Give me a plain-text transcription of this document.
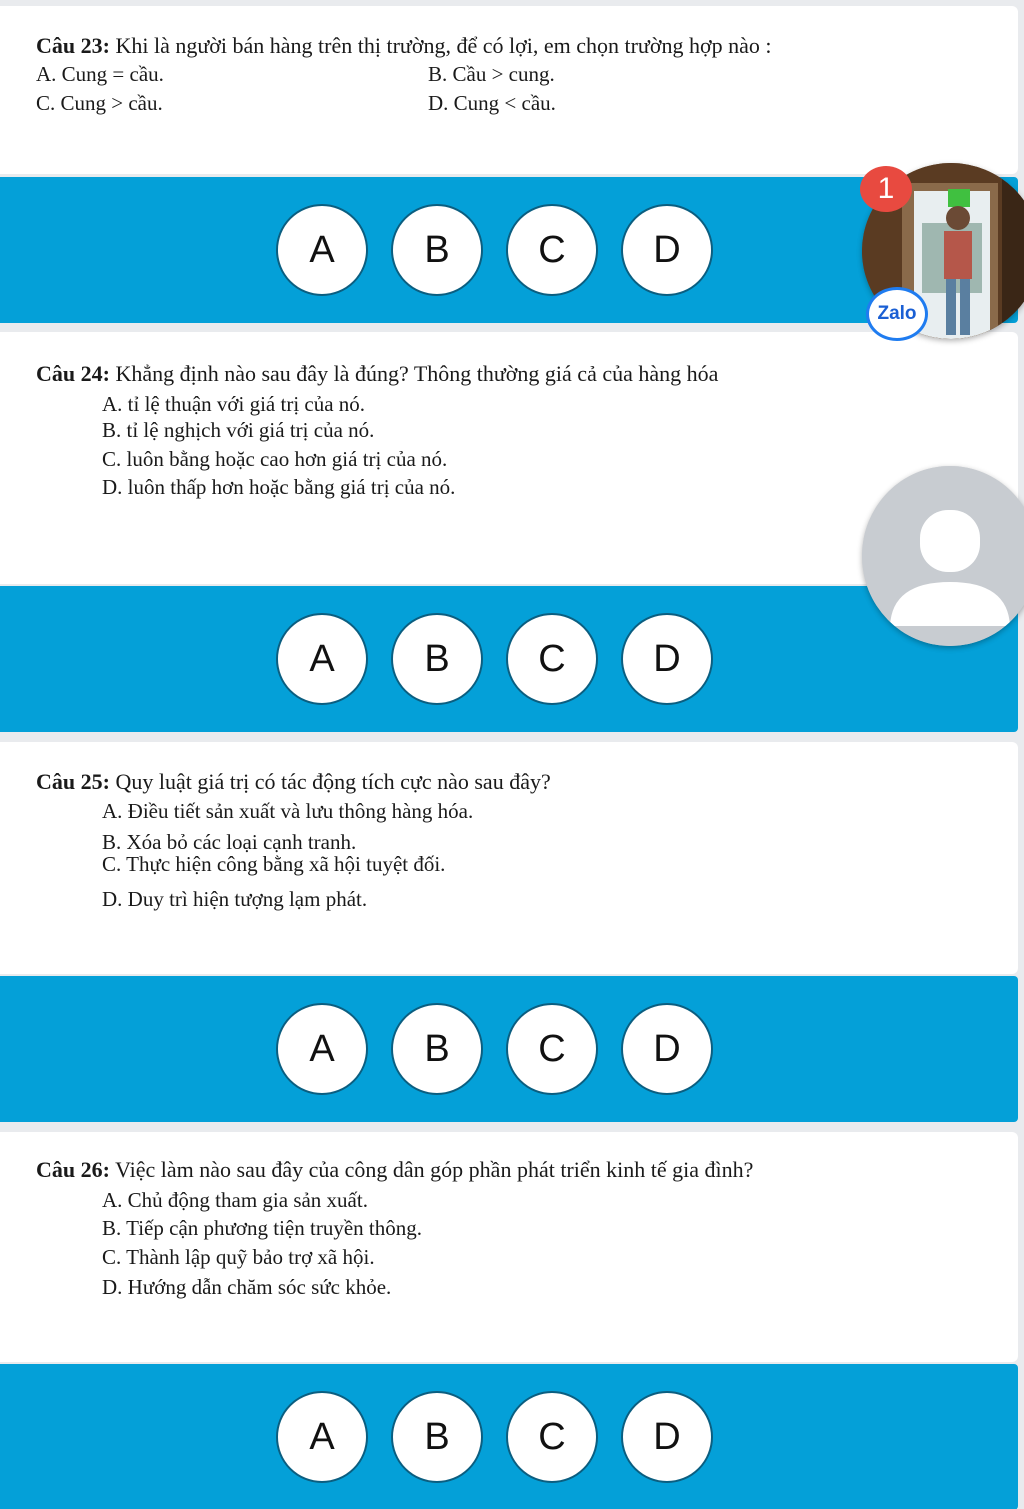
Câu 23: Khi là người bán hàng trên thị trường, để có lợi, em chọn trường hợp nào :
A. Cung = cầu.	B. Cầu > cung.
C. Cung > cầu.	D. Cung < cầu.
A	B	C	D
Câu 24: Khẳng định nào sau đây là đúng? Thông thường giá cả của hàng hóa
A. tỉ lệ thuận với giá trị của nó.
B. tỉ lệ nghịch với giá trị của nó.
C. luôn bằng hoặc cao hơn giá trị của nó.
D. luôn thấp hơn hoặc bằng giá trị của nó.
A	B	C	D
Câu 25: Quy luật giá trị có tác động tích cực nào sau đây?
A. Điều tiết sản xuất và lưu thông hàng hóa.
B. Xóa bỏ các loại cạnh tranh.
C. Thực hiện công bằng xã hội tuyệt đối.
D. Duy trì hiện tượng lạm phát.
A	B	C	D
Câu 26: Việc làm nào sau đây của công dân góp phần phát triển kinh tế gia đình?
A. Chủ động tham gia sản xuất.
B. Tiếp cận phương tiện truyền thông.
C. Thành lập quỹ bảo trợ xã hội.
D. Hướng dẫn chăm sóc sức khỏe.
A	B	C	D
1
Zalo
